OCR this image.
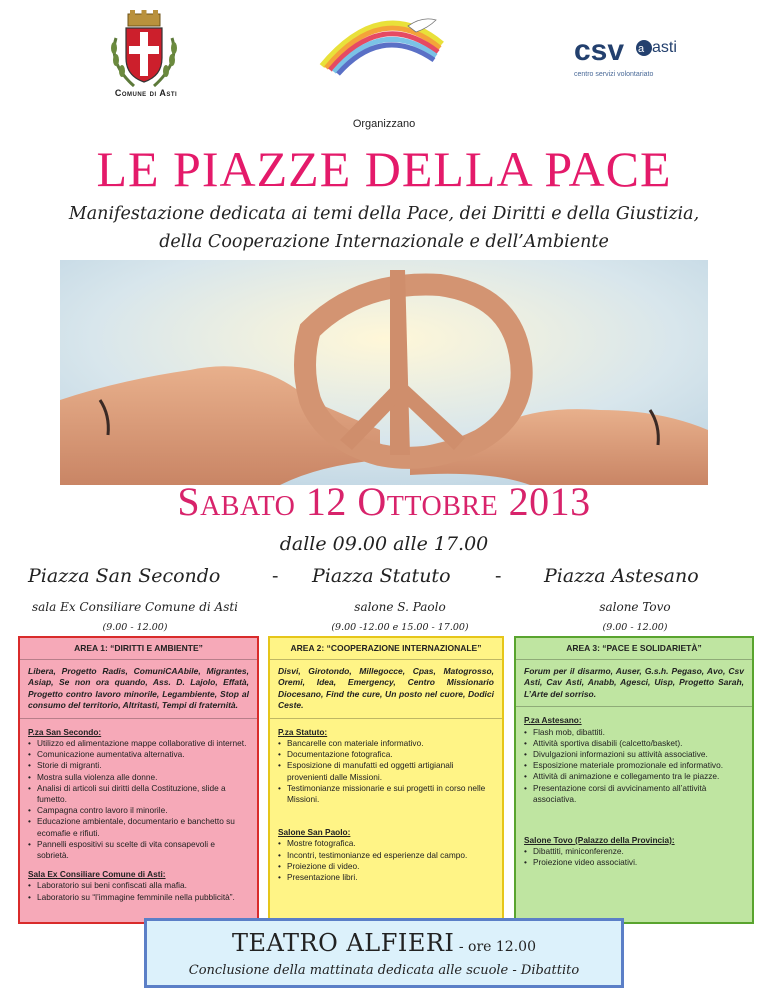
Comune di Asti
csv a asti
centro servizi volontariato
Organizzano
LE PIAZZE DELLA PACE
Manifestazione dedicata ai temi della Pace, dei Diritti e della Giustizia,
della Cooperazione Internazionale e dell’Ambiente
Sabato 12 Ottobre 2013
dalle 09.00 alle 17.00
Piazza San Secondo	- Piazza Statuto - Piazza Astesano
sala Ex Consiliare Comune di Asti	salone S. Paolo	salone Tovo
(9.00 - 12.00)	(9.00 -12.00 e 15.00 - 17.00)	(9.00 - 12.00)
AREA 1: “DIRITTI E AMBIENTE”
Libera, Progetto Radis, ComuniCAAbile, Migrantes, Asiap, Se non ora quando, Ass. D. Lajolo, Effatà, Progetto contro lavoro minorile, Legambiente, Stop al consumo del territorio, Altritasti, Tempi di fraternità.
P.za San Secondo:
• Utilizzo ed alimentazione mappe collaborative di internet.
• Comunicazione aumentativa alternativa.
• Storie di migranti.
• Mostra sulla violenza alle donne.
• Analisi di articoli sui diritti della Costituzione, slide a fumetto.
• Campagna contro lavoro il minorile.
• Educazione ambientale, documentario e banchetto su ecomafie e rifiuti.
• Pannelli espositivi su scelte di vita consapevoli e sobrietà.
Sala Ex Consiliare Comune di Asti:
• Laboratorio sui beni confiscati alla mafia.
• Laboratorio su “l’immagine femminile nella pubblicità”.
AREA 2: “COOPERAZIONE INTERNAZIONALE”
Disvi, Girotondo, Millegocce, Cpas, Matogrosso, Oremi, Idea, Emergency, Centro Missionario Diocesano, Find the cure, Un posto nel cuore, Dodici Ceste.
P.za Statuto:
• Bancarelle con materiale informativo.
• Documentazione fotografica.
• Esposizione di manufatti ed oggetti artigianali provenienti dalle Missioni.
• Testimonianze missionarie e sui progetti in corso nelle Missioni.
Salone San Paolo:
• Mostre fotografica.
• Incontri, testimonianze ed esperienze dal campo.
• Proiezione di video.
• Presentazione libri.
AREA 3: “PACE E SOLIDARIETÀ”
Forum per il disarmo, Auser, G.s.h. Pegaso, Avo, Csv Asti, Cav Asti, Anabb, Agesci, Uisp, Progetto Sarah, L’Arte del sorriso.
P.za Astesano:
• Flash mob, dibattiti.
• Attività sportiva disabili (calcetto/basket).
• Divulgazioni informazioni su attività associative.
• Esposizione materiale promozionale ed informativo.
• Attività di animazione e collegamento tra le piazze.
• Presentazione corsi di avvicinamento all’attività associativa.
Salone Tovo (Palazzo della Provincia):
• Dibattiti, miniconferenze.
• Proiezione video associativi.
TEATRO ALFIERI - ore 12.00
Conclusione della mattinata dedicata alle scuole - Dibattito
